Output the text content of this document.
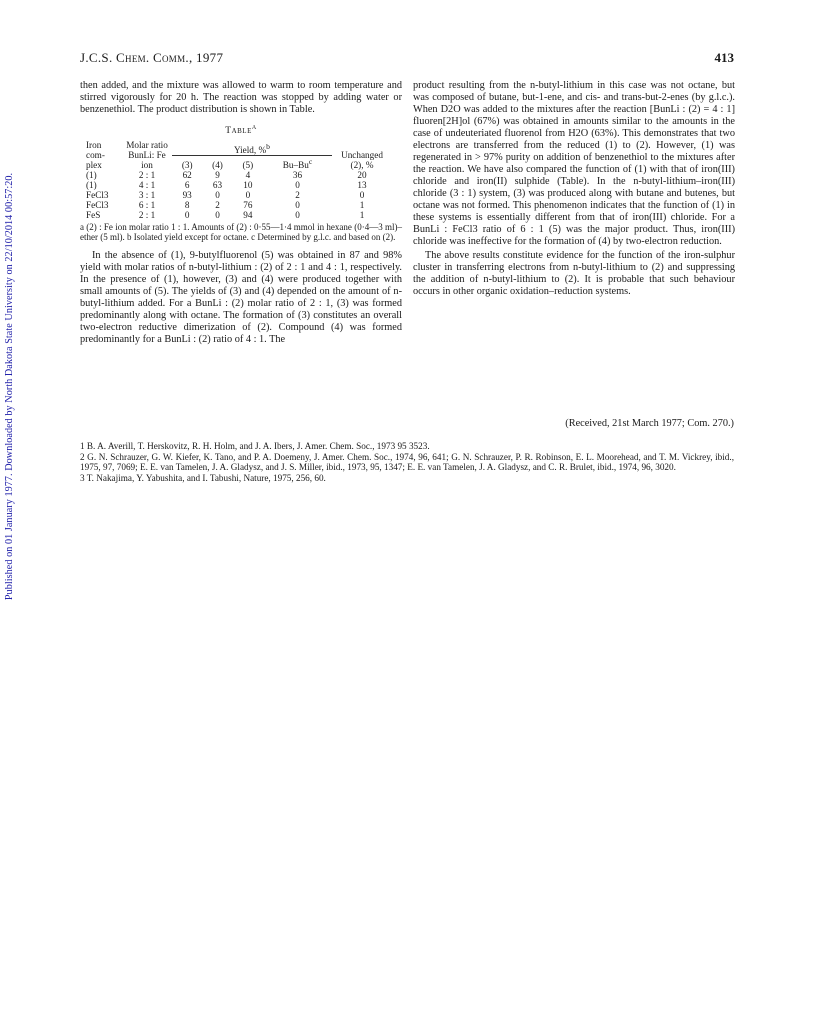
Published on 01 January 1977. Downloaded by North Dakota State University on 22/10/2014 00:57:20.
J.C.S. Chem. Comm., 1977	413

then added, and the mixture was allowed to warm to room temperature and stirred vigorously for 20 h. The reaction was stopped by adding water or benzenethiol. The product distribution is shown in Table.

Table$^a$
Iron com- plex	Molar ratio BunLi: Fe ion	Yield, %$^b$				Unchanged (2), %
		(3)	(4)	(5)	Bu–Bu$^c$
(1)	2 : 1	62	9	4	36	20
(1)	4 : 1	6	63	10	0	13
FeCl3	3 : 1	93	0	0	2	0
FeCl3	6 : 1	8	2	76	0	1
FeS	2 : 1	0	0	94	0	1
a (2) : Fe ion molar ratio 1 : 1. Amounts of (2) : 0·55—1·4 mmol in hexane (0·4—3 ml)–ether (5 ml). b Isolated yield except for octane. c Determined by g.l.c. and based on (2).

In the absence of (1), 9-butylfluorenol (5) was obtained in 87 and 98% yield with molar ratios of n-butyl-lithium : (2) of 2 : 1 and 4 : 1, respectively. In the presence of (1), however, (3) and (4) were produced together with small amounts of (5). The yields of (3) and (4) depended on the amount of n-butyl-lithium added. For a BunLi : (2) molar ratio of 2 : 1, (3) was formed predominantly along with octane. The formation of (3) constitutes an overall two-electron reductive dimerization of (2). Compound (4) was formed predominantly for a BunLi : (2) ratio of 4 : 1. The

product resulting from the n-butyl-lithium in this case was not octane, but was composed of butane, but-1-ene, and cis- and trans-but-2-enes (by g.l.c.). When D2O was added to the mixtures after the reaction [BunLi : (2) = 4 : 1] fluoren[2H]ol (67%) was obtained in amounts similar to the amounts in the case of undeuteriated fluorenol from H2O (63%). This demonstrates that two electrons are transferred from the reduced (1) to (2). However, (1) was regenerated in > 97% purity on addition of benzenethiol to the mixtures after the reaction. We have also compared the function of (1) with that of iron(III) chloride and iron(II) sulphide (Table). In the n-butyl-lithium–iron(III) chloride (3 : 1) system, (3) was produced along with butane and butenes, but octane was not formed. This phenomenon indicates that the function of (1) in these systems is essentially different from that of iron(III) chloride. For a BunLi : FeCl3 ratio of 6 : 1 (5) was the major product. Thus, iron(III) chloride was ineffective for the formation of (4) by two-electron reduction.

The above results constitute evidence for the function of the iron-sulphur cluster in transferring electrons from n-butyl-lithium to (2) and suppressing the addition of n-butyl-lithium to (2). It is probable that such behaviour occurs in other organic oxidation–reduction systems.

(Received, 21st March 1977; Com. 270.)
1 B. A. Averill, T. Herskovitz, R. H. Holm, and J. A. Ibers, J. Amer. Chem. Soc., 1973 95 3523.
2 G. N. Schrauzer, G. W. Kiefer, K. Tano, and P. A. Doemeny, J. Amer. Chem. Soc., 1974, 96, 641; G. N. Schrauzer, P. R. Robinson, E. L. Moorehead, and T. M. Vickrey, ibid., 1975, 97, 7069; E. E. van Tamelen, J. A. Gladysz, and J. S. Miller, ibid., 1973, 95, 1347; E. E. van Tamelen, J. A. Gladysz, and C. R. Brulet, ibid., 1974, 96, 3020.
3 T. Nakajima, Y. Yabushita, and I. Tabushi, Nature, 1975, 256, 60.
